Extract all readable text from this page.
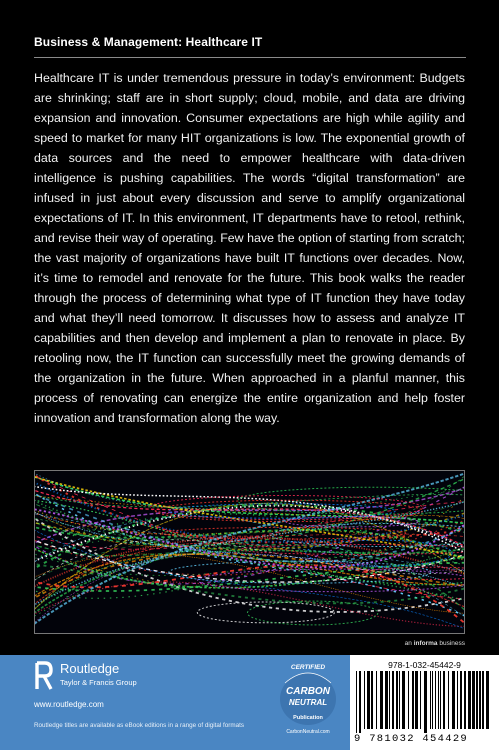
Business & Management: Healthcare IT

Healthcare IT is under tremendous pressure in today’s environment: Budgets are shrinking; staff are in short supply; cloud, mobile, and data are driving expansion and innovation. Consumer expectations are high while agility and speed to market for many HIT organizations is low. The exponential growth of data sources and the need to empower healthcare with data-driven intelligence is pushing capabilities. The words “digital transformation” are infused in just about every discussion and serve to amplify organizational expectations of IT. In this environment, IT departments have to retool, rethink, and revise their way of operating. Few have the option of starting from scratch; the vast majority of organizations have built IT functions over decades. Now, it’s time to remodel and renovate for the future. This book walks the reader through the process of determining what type of IT function they have today and what they’ll need tomorrow. It discusses how to assess and analyze IT capabilities and then develop and implement a plan to renovate in place. By retooling now, the IT function can successfully meet the growing demands of the organization in the future. When approached in a planful manner, this process of renovating can energize the entire organization and help foster innovation and transformation along the way.

an informa business
Routledge
Taylor & Francis Group
www.routledge.com
Routledge titles are available as eBook editions in a range of digital formats
CERTIFIED
CARBON
NEUTRAL
Publication
CarbonNeutral.com
978-1-032-45442-9
9 781032 454429
